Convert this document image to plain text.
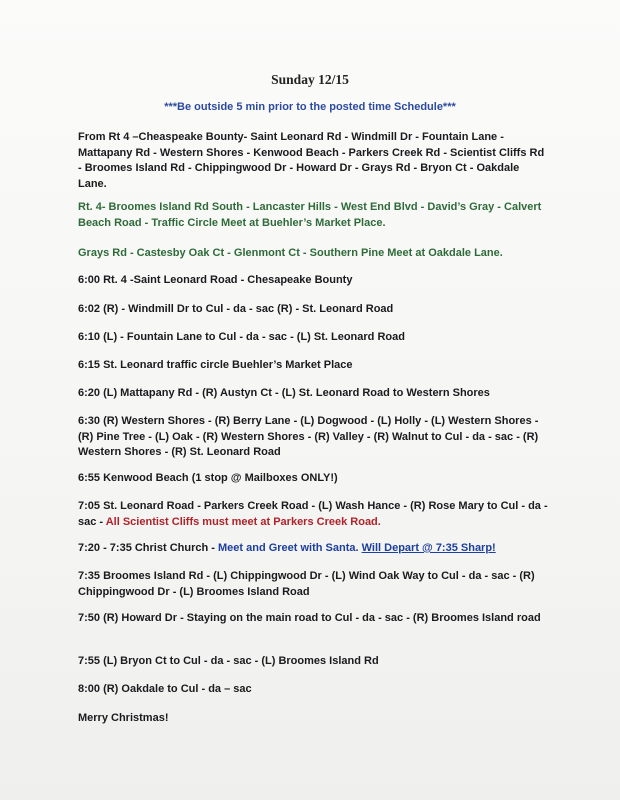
Sunday 12/15
***Be outside 5 min prior to the posted time Schedule***
From Rt 4 –Cheaspeake Bounty- Saint Leonard Rd - Windmill Dr - Fountain Lane - Mattapany Rd - Western Shores - Kenwood Beach - Parkers Creek Rd - Scientist Cliffs Rd - Broomes Island Rd - Chippingwood Dr - Howard Dr - Grays Rd - Bryon Ct - Oakdale Lane.
Rt. 4- Broomes Island Rd South - Lancaster Hills - West End Blvd - David’s Gray - Calvert Beach Road - Traffic Circle Meet at Buehler’s Market Place.
Grays Rd - Castesby Oak Ct - Glenmont Ct - Southern Pine Meet at Oakdale Lane.
6:00 Rt. 4 -Saint Leonard Road - Chesapeake Bounty
6:02 (R) - Windmill Dr to Cul - da - sac (R) - St. Leonard Road
6:10 (L) - Fountain Lane to Cul - da - sac - (L) St. Leonard Road
6:15 St. Leonard traffic circle Buehler’s Market Place
6:20 (L) Mattapany Rd - (R) Austyn Ct - (L) St. Leonard Road to Western Shores
6:30 (R) Western Shores - (R) Berry Lane - (L) Dogwood - (L) Holly - (L) Western Shores - (R) Pine Tree - (L) Oak - (R) Western Shores - (R) Valley - (R) Walnut to Cul - da - sac - (R) Western Shores - (R) St. Leonard Road
6:55 Kenwood Beach (1 stop @ Mailboxes ONLY!)
7:05 St. Leonard Road - Parkers Creek Road - (L) Wash Hance - (R) Rose Mary to Cul - da - sac - All Scientist Cliffs must meet at Parkers Creek Road.
7:20 - 7:35 Christ Church - Meet and Greet with Santa. Will Depart @ 7:35 Sharp!
7:35 Broomes Island Rd - (L) Chippingwood Dr - (L) Wind Oak Way to Cul - da - sac - (R) Chippingwood Dr - (L) Broomes Island Road
7:50 (R) Howard Dr - Staying on the main road to Cul - da - sac - (R) Broomes Island road
7:55 (L) Bryon Ct to Cul - da - sac - (L) Broomes Island Rd
8:00 (R) Oakdale to Cul - da – sac
Merry Christmas!
